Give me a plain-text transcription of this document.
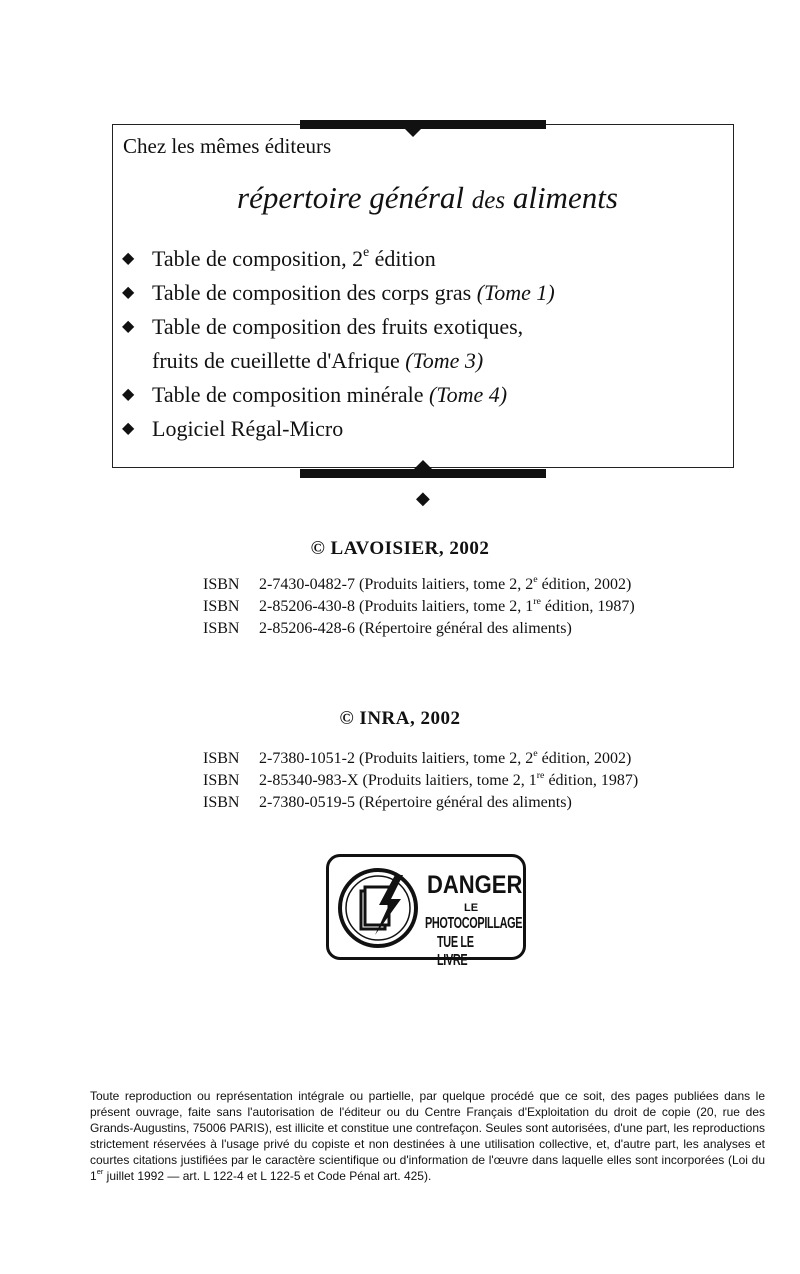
Chez les mêmes éditeurs
répertoire général des aliments
◆ Table de composition, 2e édition
◆ Table de composition des corps gras (Tome 1)
◆ Table de composition des fruits exotiques,
fruits de cueillette d'Afrique (Tome 3)
◆ Table de composition minérale (Tome 4)
◆ Logiciel Régal-Micro
◆
© LAVOISIER, 2002
ISBN 2-7430-0482-7 (Produits laitiers, tome 2, 2e édition, 2002)
ISBN 2-85206-430-8 (Produits laitiers, tome 2, 1re édition, 1987)
ISBN 2-85206-428-6 (Répertoire général des aliments)
© INRA, 2002
ISBN 2-7380-1051-2 (Produits laitiers, tome 2, 2e édition, 2002)
ISBN 2-85340-983-X (Produits laitiers, tome 2, 1re édition, 1987)
ISBN 2-7380-0519-5 (Répertoire général des aliments)
DANGER
LE
PHOTOCOPILLAGE
TUE LE LIVRE
Toute reproduction ou représentation intégrale ou partielle, par quelque procédé que ce soit, des pages publiées dans le présent ouvrage, faite sans l'autorisation de l'éditeur ou du Centre Français d'Exploitation du droit de copie (20, rue des Grands-Augustins, 75006 PARIS), est illicite et constitue une contrefaçon. Seules sont autorisées, d'une part, les reproductions strictement réservées à l'usage privé du copiste et non destinées à une utilisation collective, et, d'autre part, les analyses et courtes citations justifiées par le caractère scientifique ou d'information de l'œuvre dans laquelle elles sont incorporées (Loi du 1er juillet 1992 — art. L 122-4 et L 122-5 et Code Pénal art. 425).
